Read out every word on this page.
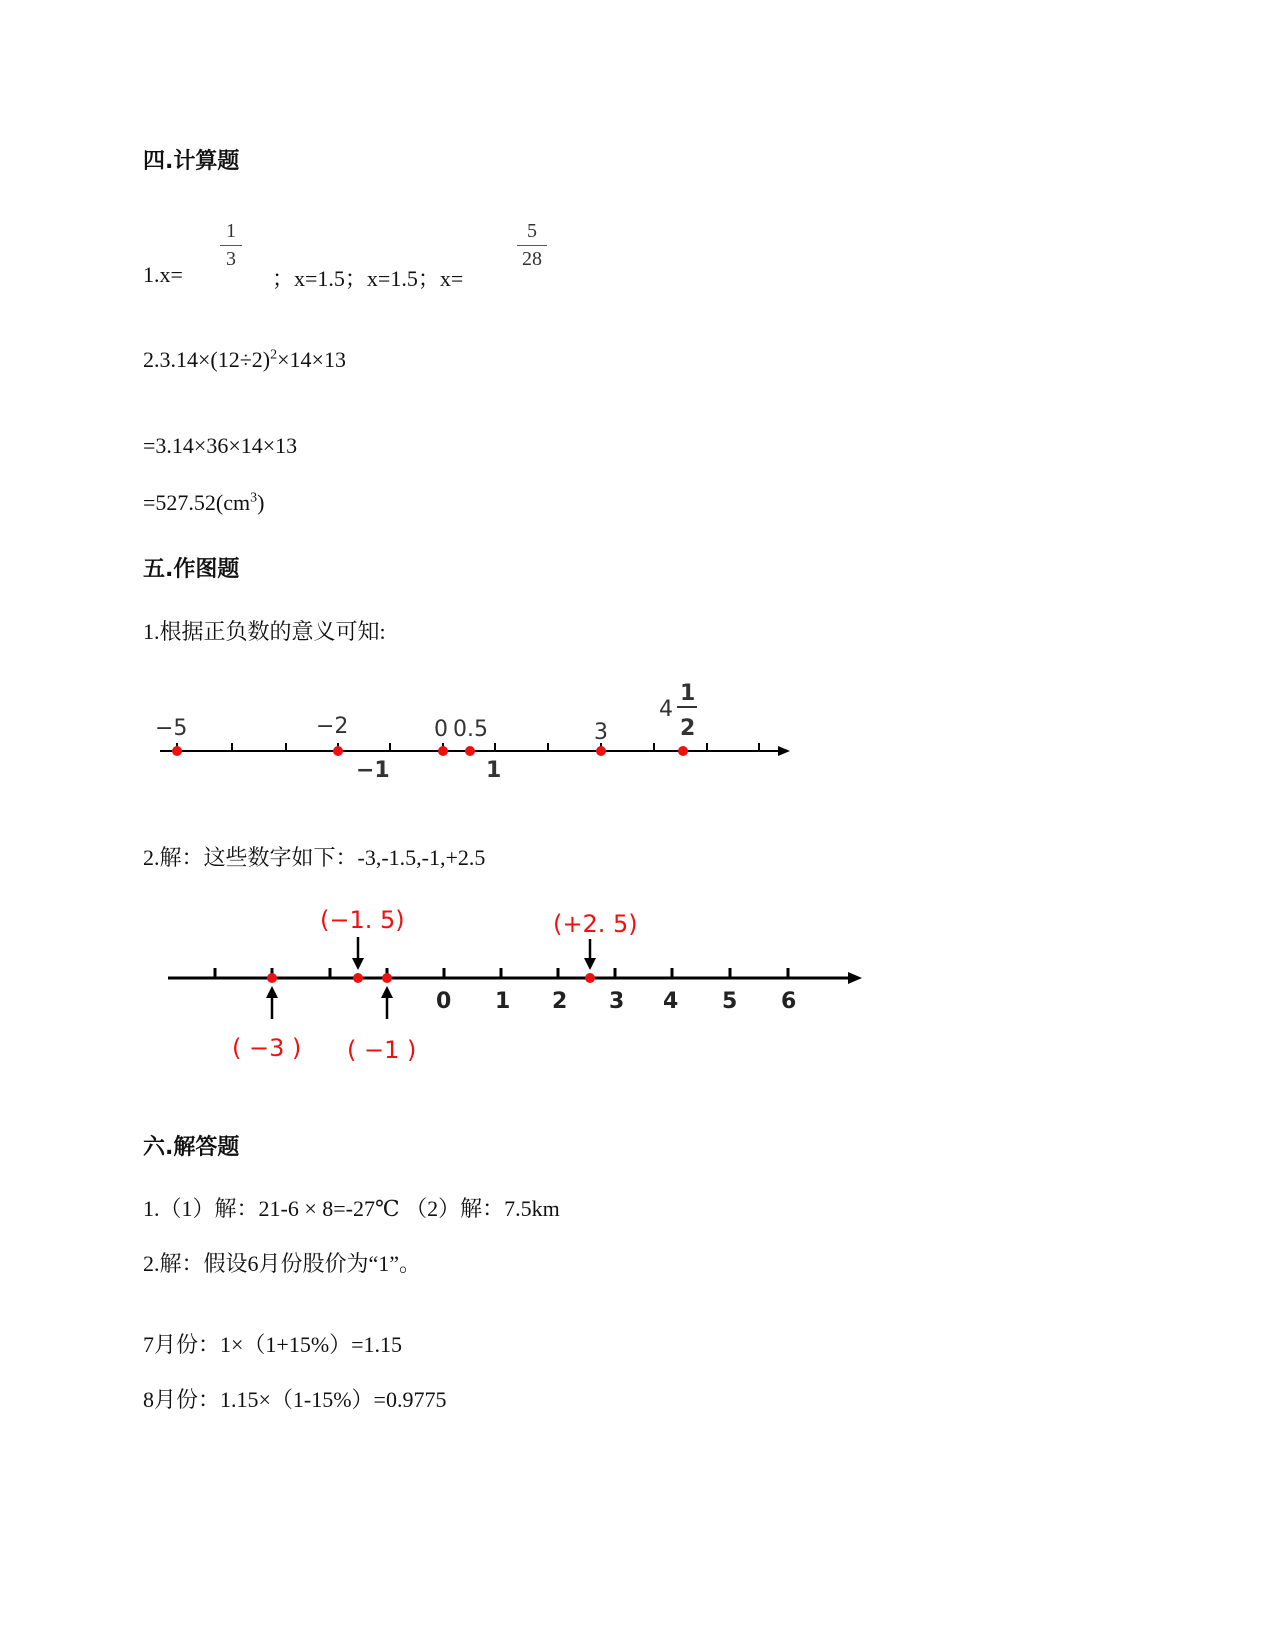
四.计算题
1.x=
1
3
；x=1.5；x=1.5；x=
5
28
$2.3.14\times(12\div 2)^2\times 14\times 13$
=3.14×36×14×13
$=527.52(cm^3)$
五.作图题
1.根据正负数的意义可知:
−5	−2	0 0.5	3
4
1
2
−1	1
2.解：这些数字如下：-3,-1.5,-1,+2.5
0 1 2 3 4 5 6
(−1. 5)	(+2. 5)
( −3 ) ( −1 )
六.解答题
1.（1）解：21-6 × 8=-27℃ （2）解：7.5km
2.解：假设6月份股价为“1”。
7月份：1×（1+15%）=1.15
8月份：1.15×（1-15%）=0.9775
